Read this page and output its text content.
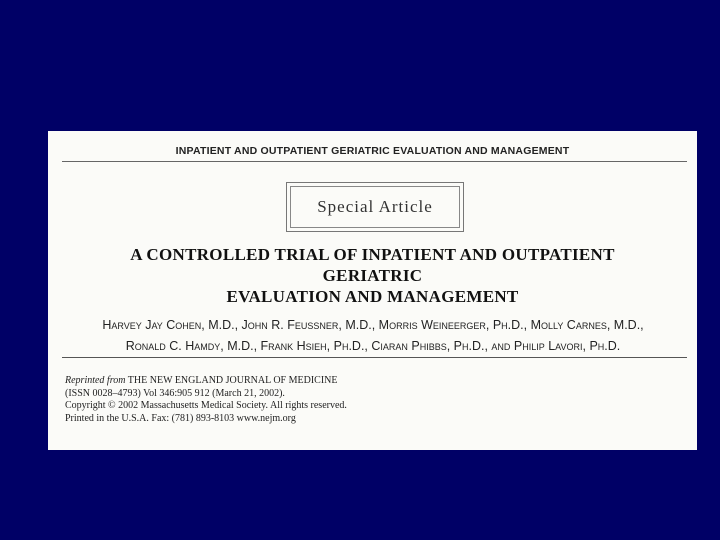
INPATIENT AND OUTPATIENT GERIATRIC EVALUATION AND MANAGEMENT
Special Article
A CONTROLLED TRIAL OF INPATIENT AND OUTPATIENT GERIATRIC
EVALUATION AND MANAGEMENT
Harvey Jay Cohen, M.D., John R. Feussner, M.D., Morris Weineerger, Ph.D., Molly Carnes, M.D.,
Ronald C. Hamdy, M.D., Frank Hsieh, Ph.D., Ciaran Phibbs, Ph.D., and Philip Lavori, Ph.D.
Reprinted from THE NEW ENGLAND JOURNAL OF MEDICINE
(ISSN 0028–4793) Vol 346:905 912 (March 21, 2002).
Copyright © 2002 Massachusetts Medical Society. All rights reserved.
Printed in the U.S.A. Fax: (781) 893-8103 www.nejm.org
